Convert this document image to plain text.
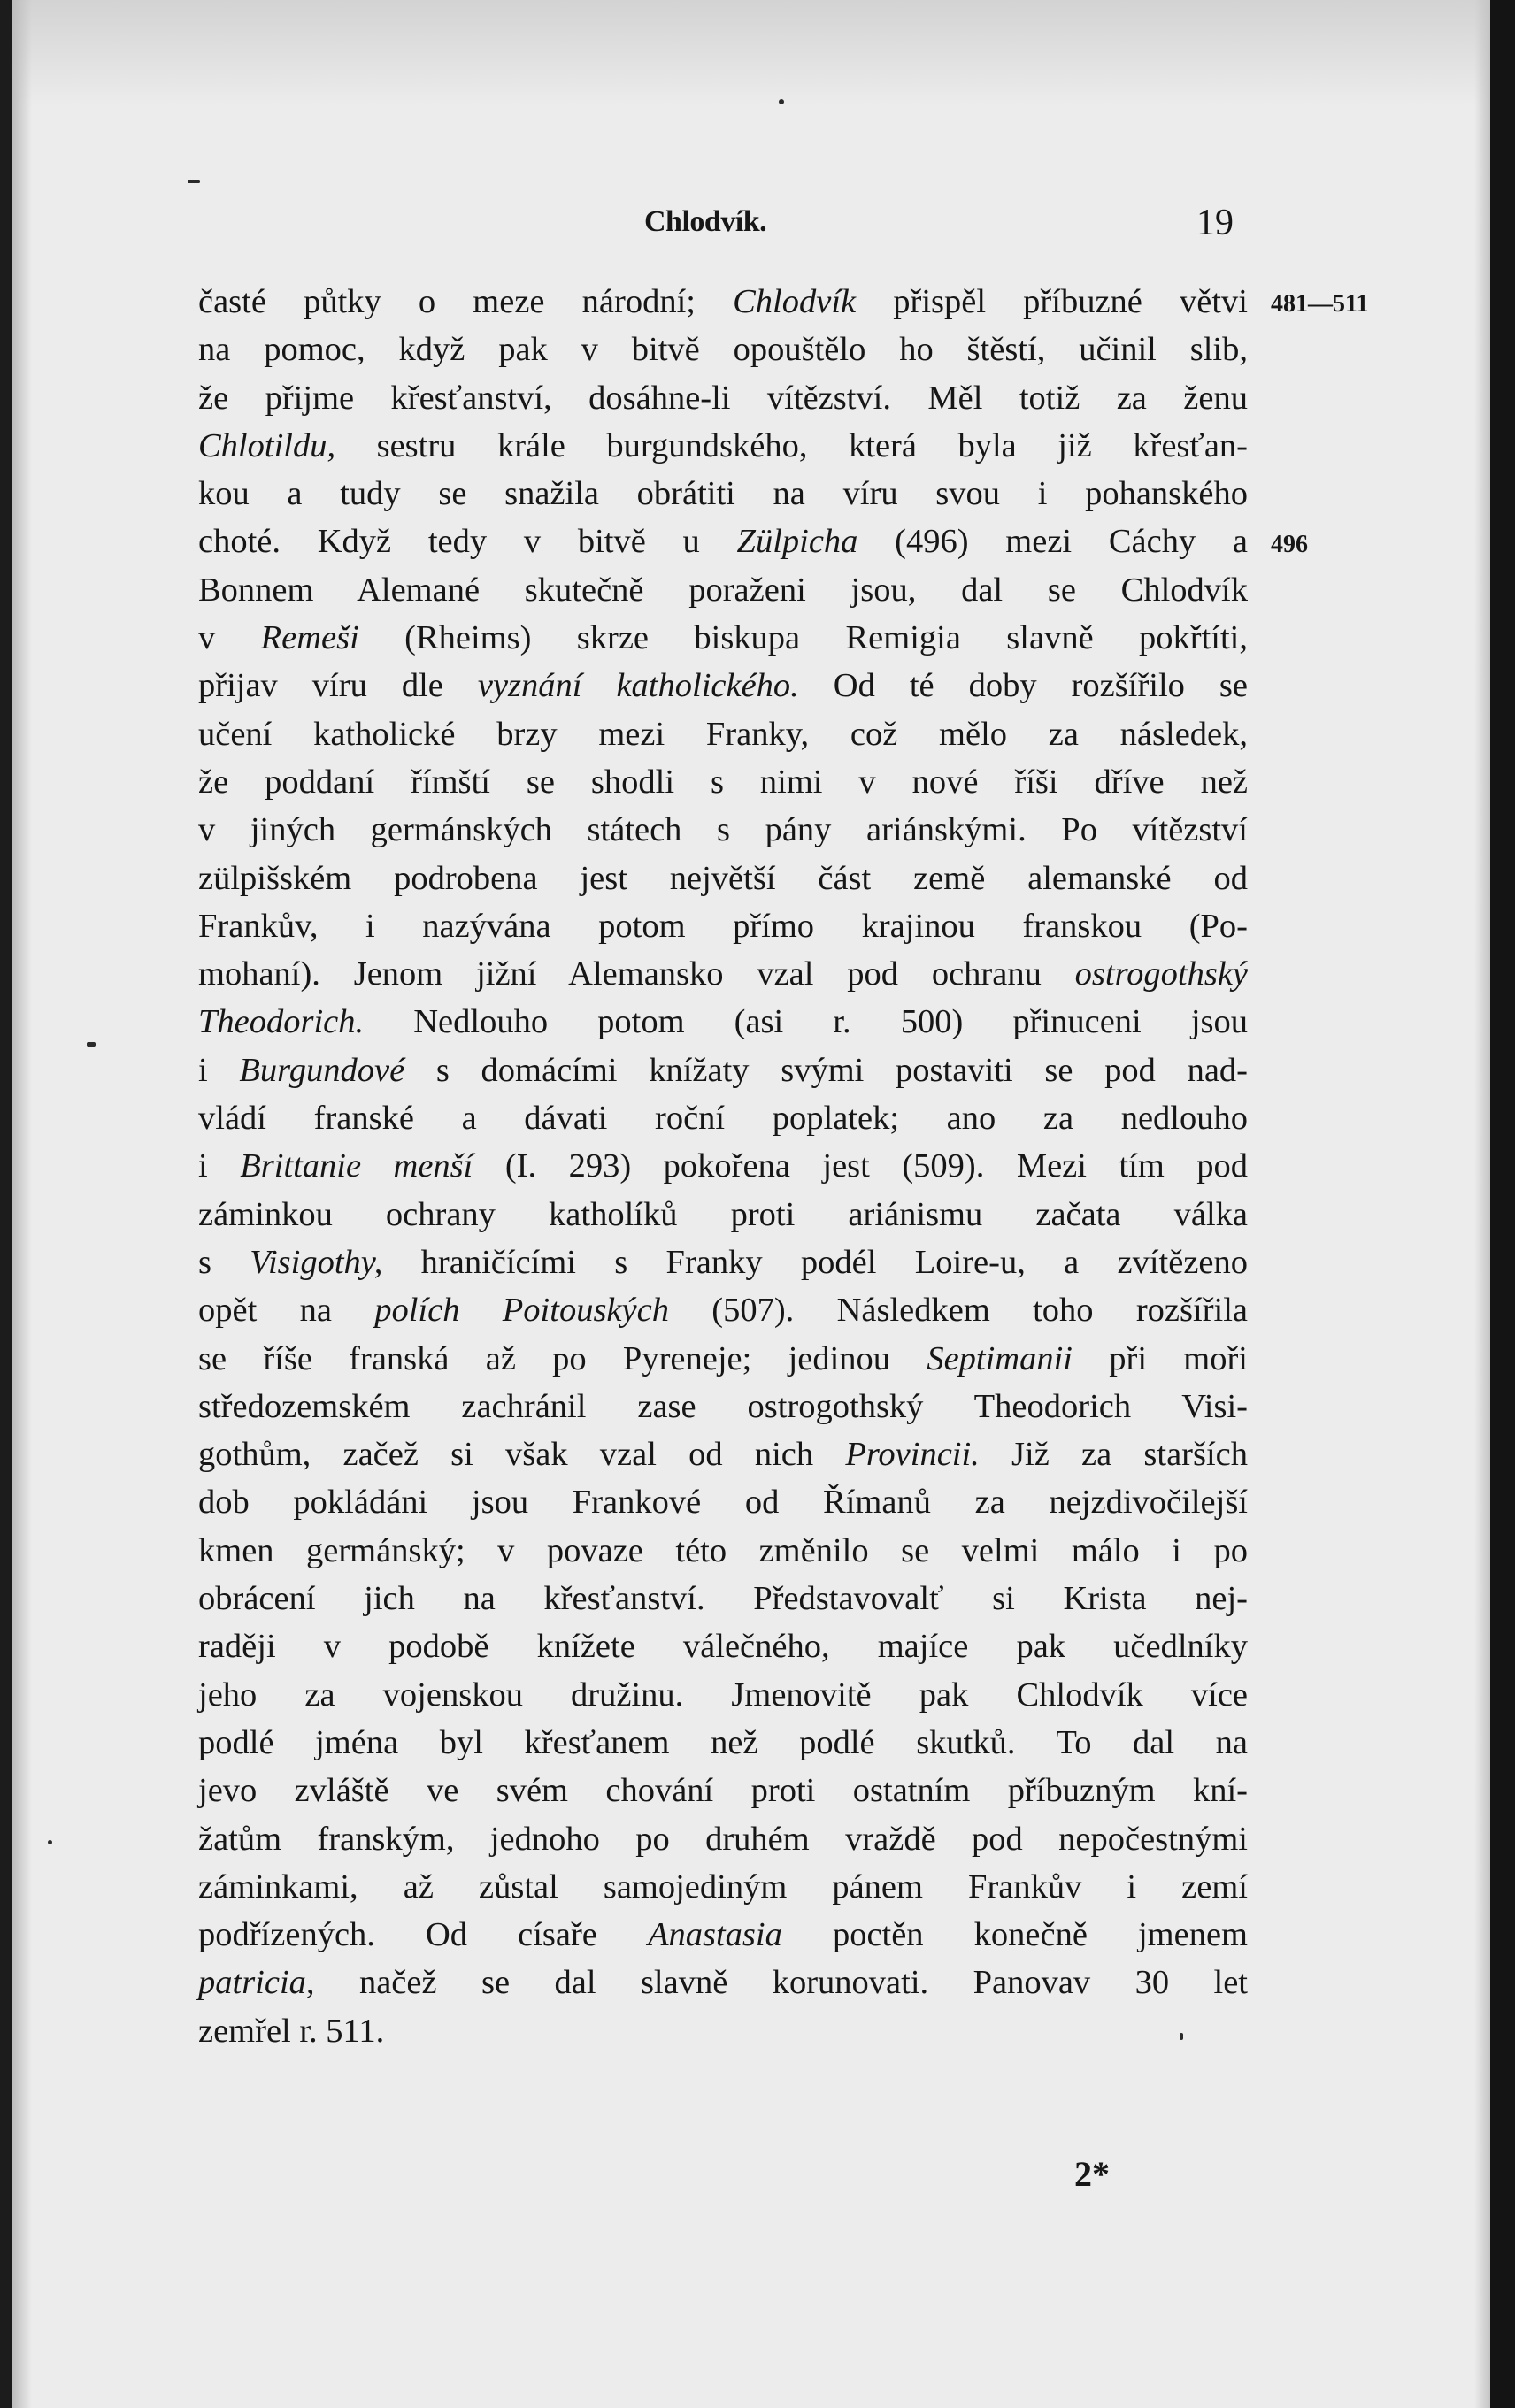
Chlodvík.	19
481—511
496
časté půtky o meze národní; Chlodvík přispěl příbuzné větvi
na pomoc, když pak v bitvě opouštělo ho štěstí, učinil slib,
že přijme křesťanství, dosáhne-li vítězství. Měl totiž za ženu
Chlotildu, sestru krále burgundského, která byla již křesťan-
kou a tudy se snažila obrátiti na víru svou i pohanského
choté. Když tedy v bitvě u Zülpicha (496) mezi Cáchy a
Bonnem Alemané skutečně poraženi jsou, dal se Chlodvík
v Remeši (Rheims) skrze biskupa Remigia slavně pokřtíti,
přijav víru dle vyznání katholického. Od té doby rozšířilo se
učení katholické brzy mezi Franky, což mělo za následek,
že poddaní římští se shodli s nimi v nové říši dříve než
v jiných germánských státech s pány ariánskými. Po vítězství
zülpišském podrobena jest největší část země alemanské od
Frankův, i nazývána potom přímo krajinou franskou (Po-
mohaní). Jenom jižní Alemansko vzal pod ochranu ostrogothský
Theodorich. Nedlouho potom (asi r. 500) přinuceni jsou
i Burgundové s domácími knížaty svými postaviti se pod nad-
vládí franské a dávati roční poplatek; ano za nedlouho
i Brittanie menší (I. 293) pokořena jest (509). Mezi tím pod
záminkou ochrany katholíků proti ariánismu začata válka
s Visigothy, hraničícími s Franky podél Loire-u, a zvítězeno
opět na polích Poitouských (507). Následkem toho rozšířila
se říše franská až po Pyreneje; jedinou Septimanii při moři
středozemském zachránil zase ostrogothský Theodorich Visi-
gothům, začež si však vzal od nich Provincii. Již za starších
dob pokládáni jsou Frankové od Římanů za nejzdivočilejší
kmen germánský; v povaze této změnilo se velmi málo i po
obrácení jich na křesťanství. Představovalť si Krista nej-
raději v podobě knížete válečného, majíce pak učedlníky
jeho za vojenskou družinu. Jmenovitě pak Chlodvík více
podlé jména byl křesťanem než podlé skutků. To dal na
jevo zvláště ve svém chování proti ostatním příbuzným kní-
žatům franským, jednoho po druhém vraždě pod nepočestnými
záminkami, až zůstal samojediným pánem Frankův i zemí
podřízených. Od císaře Anastasia poctěn konečně jmenem
patricia, načež se dal slavně korunovati. Panovav 30 let
zemřel r. 511.
2*
